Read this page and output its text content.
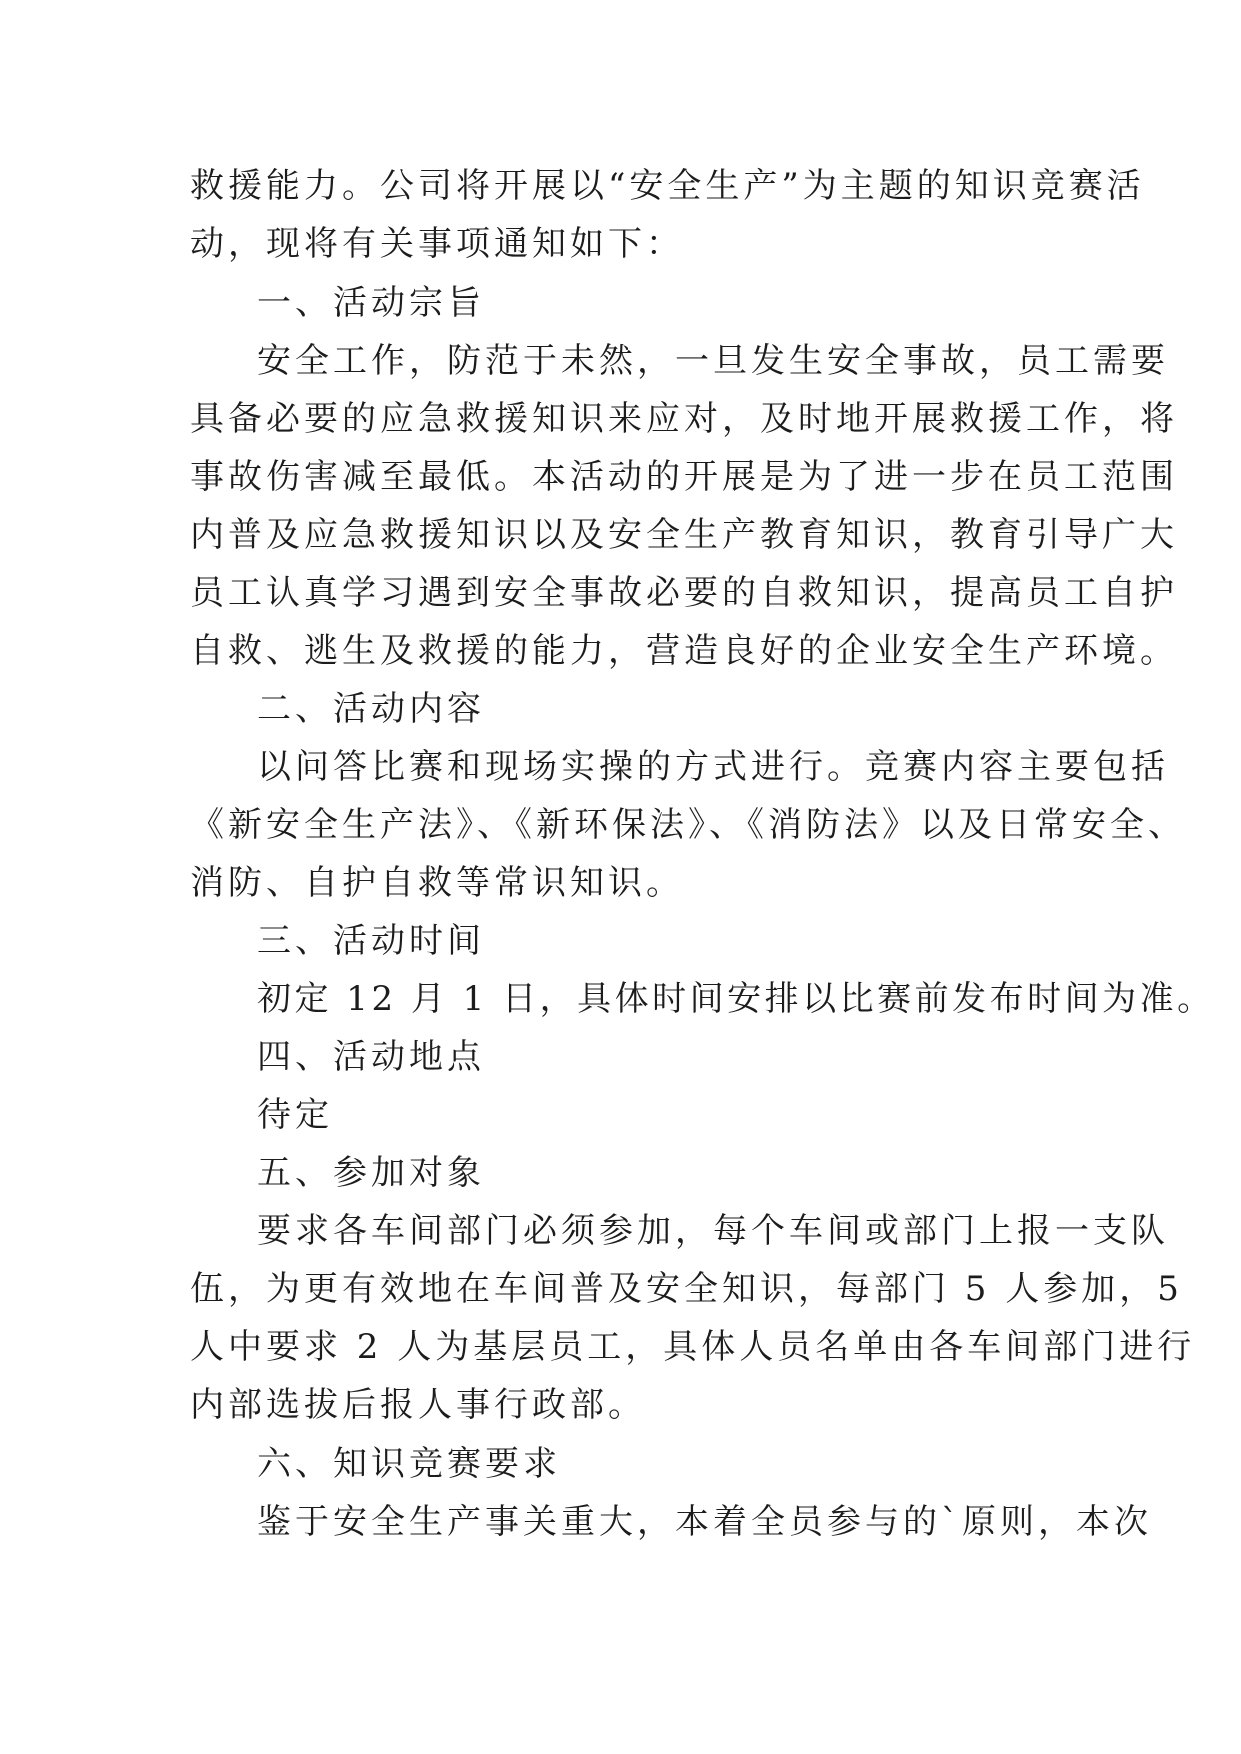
救援能力。公司将开展以“安全生产”为主题的知识竞赛活

动，现将有关事项通知如下：

一、活动宗旨

安全工作，防范于未然，一旦发生安全事故，员工需要

具备必要的应急救援知识来应对，及时地开展救援工作，将

事故伤害减至最低。本活动的开展是为了进一步在员工范围

内普及应急救援知识以及安全生产教育知识，教育引导广大

员工认真学习遇到安全事故必要的自救知识，提高员工自护

自救、逃生及救援的能力，营造良好的企业安全生产环境。

二、活动内容

以问答比赛和现场实操的方式进行。竞赛内容主要包括

《新安全生产法》、《新环保法》、《消防法》以及日常安全、

消防、自护自救等常识知识。

三、活动时间

初定 12 月 1 日，具体时间安排以比赛前发布时间为准。

四、活动地点

待定

五、参加对象

要求各车间部门必须参加，每个车间或部门上报一支队

伍，为更有效地在车间普及安全知识，每部门 5 人参加，5

人中要求 2 人为基层员工，具体人员名单由各车间部门进行

内部选拔后报人事行政部。

六、知识竞赛要求

鉴于安全生产事关重大，本着全员参与的`原则，本次
